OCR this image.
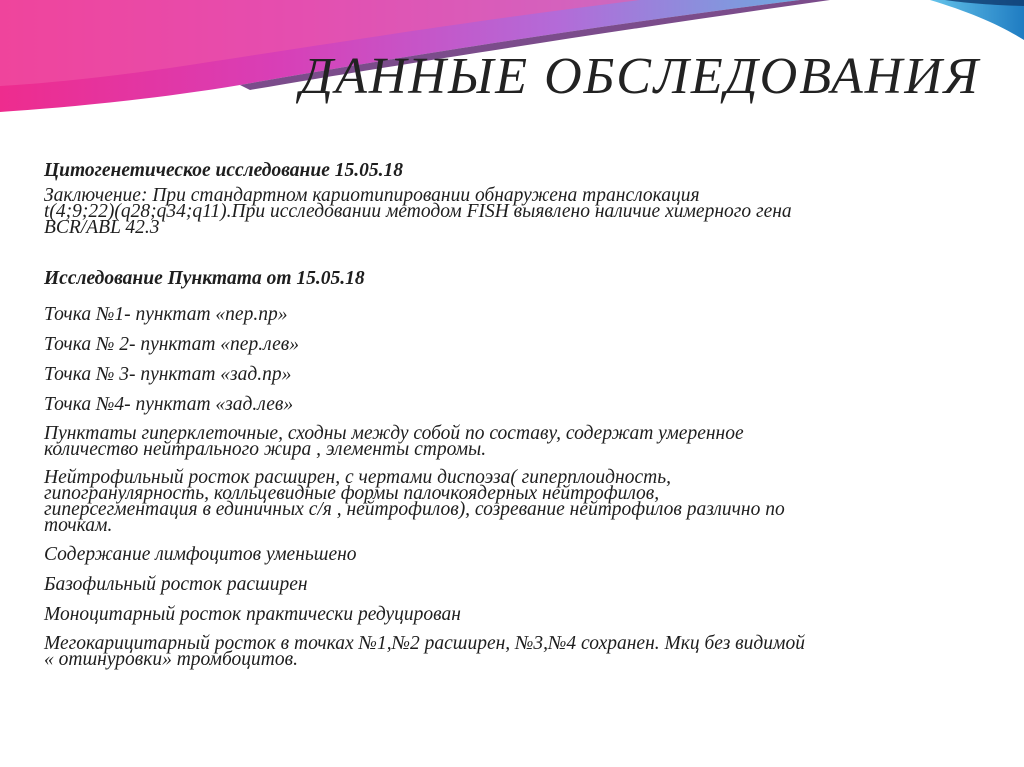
ДАННЫЕ ОБСЛЕДОВАНИЯ

Цитогенетическое исследование 15.05.18

Заключение: При стандартном кариотипировании обнаружена транслокация

t(4;9;22)(q28;q34;q11).При исследовании методом FISH выявлено наличие химерного гена

BCR/ABL 42.3

Исследование Пунктата от 15.05.18

Точка №1- пунктат «пер.пр»

Точка № 2- пунктат «пер.лев»

Точка № 3- пунктат «зад.пр»

Точка №4- пунктат «зад.лев»

Пунктаты гиперклеточные, сходны между собой по составу, содержат умеренное

количество нейтрального жира , элементы стромы.

Нейтрофильный росток расширен, с чертами диспоэза( гиперплоидность,

гипогранулярность, колльцевидные формы палочкоядерных нейтрофилов,

гиперсегментация в единичных с/я , нейтрофилов), созревание нейтрофилов различно по

точкам.

Содержание лимфоцитов уменьшено

Базофильный росток расширен

Моноцитарный росток практически редуцирован

Мегокарицитарный росток в точках №1,№2 расширен, №3,№4 сохранен. Мкц без видимой

« отшнуровки» тромбоцитов.
